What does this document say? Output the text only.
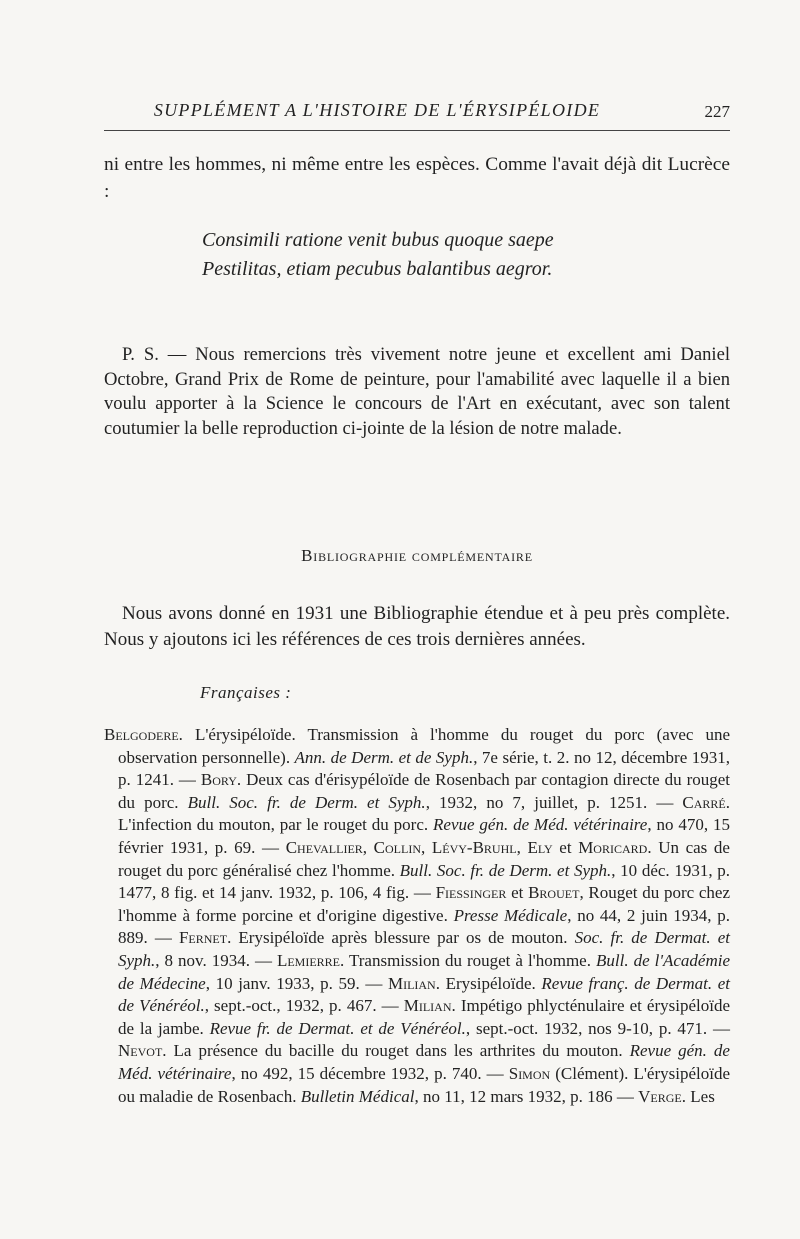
SUPPLÉMENT A L'HISTOIRE DE L'ÉRYSIPÉLOIDE	227
ni entre les hommes, ni même entre les espèces. Comme l'avait déjà dit Lucrèce :
Consimili ratione venit bubus quoque saepe
Pestilitas, etiam pecubus balantibus aegror.
P. S. — Nous remercions très vivement notre jeune et excellent ami Daniel Octobre, Grand Prix de Rome de peinture, pour l'amabilité avec laquelle il a bien voulu apporter à la Science le concours de l'Art en exécutant, avec son talent coutumier la belle reproduction ci-jointe de la lésion de notre malade.
Bibliographie complémentaire
Nous avons donné en 1931 une Bibliographie étendue et à peu près complète. Nous y ajoutons ici les références de ces trois dernières années.
Françaises :
Belgodere. L'érysipéloïde. Transmission à l'homme du rouget du porc (avec une observation personnelle). Ann. de Derm. et de Syph., 7e série, t. 2. no 12, décembre 1931, p. 1241. — Bory. Deux cas d'érisypéloïde de Rosenbach par contagion directe du rouget du porc. Bull. Soc. fr. de Derm. et Syph., 1932, no 7, juillet, p. 1251. — Carré. L'infection du mouton, par le rouget du porc. Revue gén. de Méd. vétérinaire, no 470, 15 février 1931, p. 69. — Chevallier, Collin, Lévy-Bruhl, Ely et Moricard. Un cas de rouget du porc généralisé chez l'homme. Bull. Soc. fr. de Derm. et Syph., 10 déc. 1931, p. 1477, 8 fig. et 14 janv. 1932, p. 106, 4 fig. — Fiessinger et Brouet, Rouget du porc chez l'homme à forme porcine et d'origine digestive. Presse Médicale, no 44, 2 juin 1934, p. 889. — Fernet. Erysipéloïde après blessure par os de mouton. Soc. fr. de Dermat. et Syph., 8 nov. 1934. — Lemierre. Transmission du rouget à l'homme. Bull. de l'Académie de Médecine, 10 janv. 1933, p. 59. — Milian. Erysipéloïde. Revue franç. de Dermat. et de Vénéréol., sept.-oct., 1932, p. 467. — Milian. Impétigo phlycténulaire et érysipéloïde de la jambe. Revue fr. de Dermat. et de Vénéréol., sept.-oct. 1932, nos 9-10, p. 471. — Nevot. La présence du bacille du rouget dans les arthrites du mouton. Revue gén. de Méd. vétérinaire, no 492, 15 décembre 1932, p. 740. — Simon (Clément). L'érysipéloïde ou maladie de Rosenbach. Bulletin Médical, no 11, 12 mars 1932, p. 186 — Verge. Les
